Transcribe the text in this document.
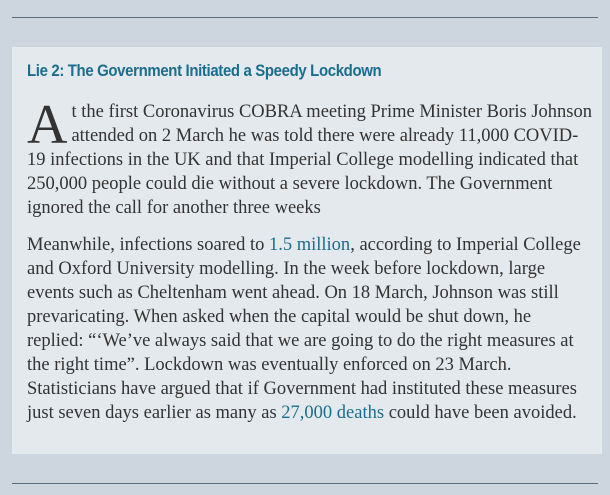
Lie 2: The Government Initiated a Speedy Lockdown

At the first Coronavirus COBRA meeting Prime Minister Boris Johnson attended on 2 March he was told there were already 11,000 COVID-19 infections in the UK and that Imperial College modelling indicated that 250,000 people could die without a severe lockdown. The Government ignored the call for another three weeks

Meanwhile, infections soared to 1.5 million, according to Imperial College and Oxford University modelling. In the week before lockdown, large events such as Cheltenham went ahead. On 18 March, Johnson was still prevaricating. When asked when the capital would be shut down, he replied: “‘We’ve always said that we are going to do the right measures at the right time”. Lockdown was eventually enforced on 23 March. Statisticians have argued that if Government had instituted these measures just seven days earlier as many as 27,000 deaths could have been avoided.
